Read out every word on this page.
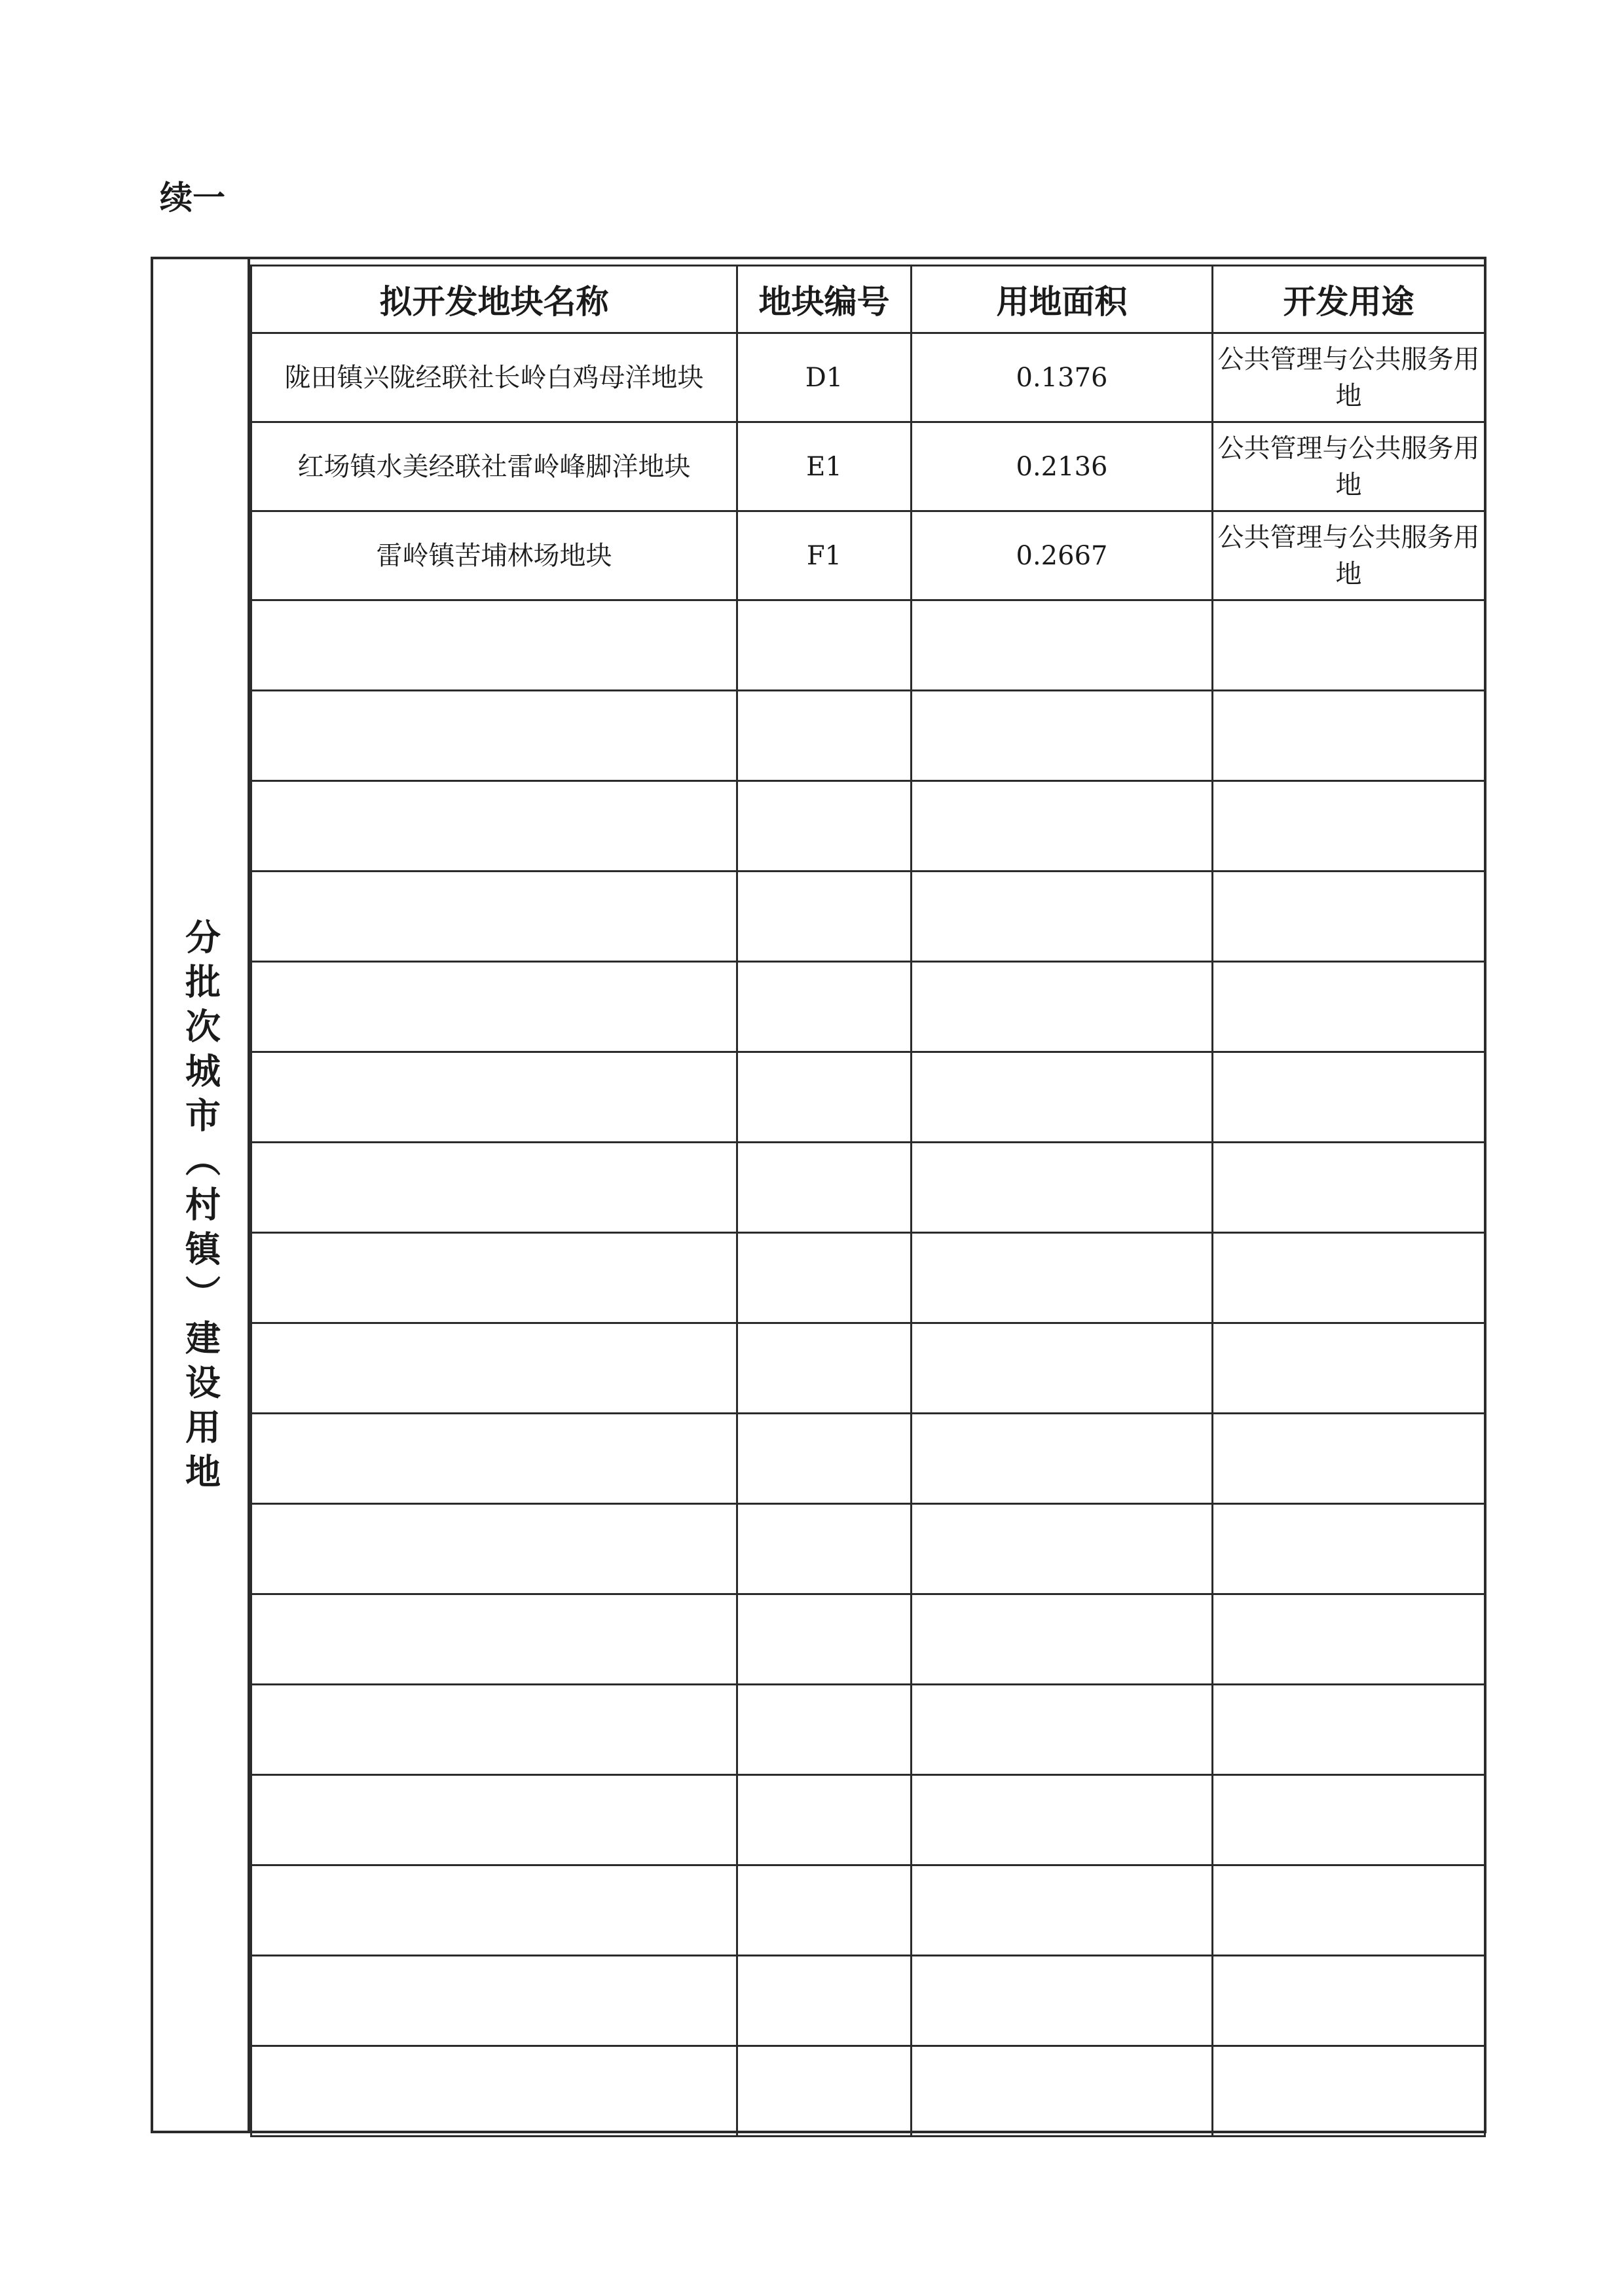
续一
分批次城市（村镇）建设用地
拟开发地块名称	地块编号	用地面积	开发用途
陇田镇兴陇经联社长岭白鸡母洋地块	D1	0.1376	公共管理与公共服务用地
红场镇水美经联社雷岭峰脚洋地块	E1	0.2136	公共管理与公共服务用地
雷岭镇苦埔林场地块	F1	0.2667	公共管理与公共服务用地
